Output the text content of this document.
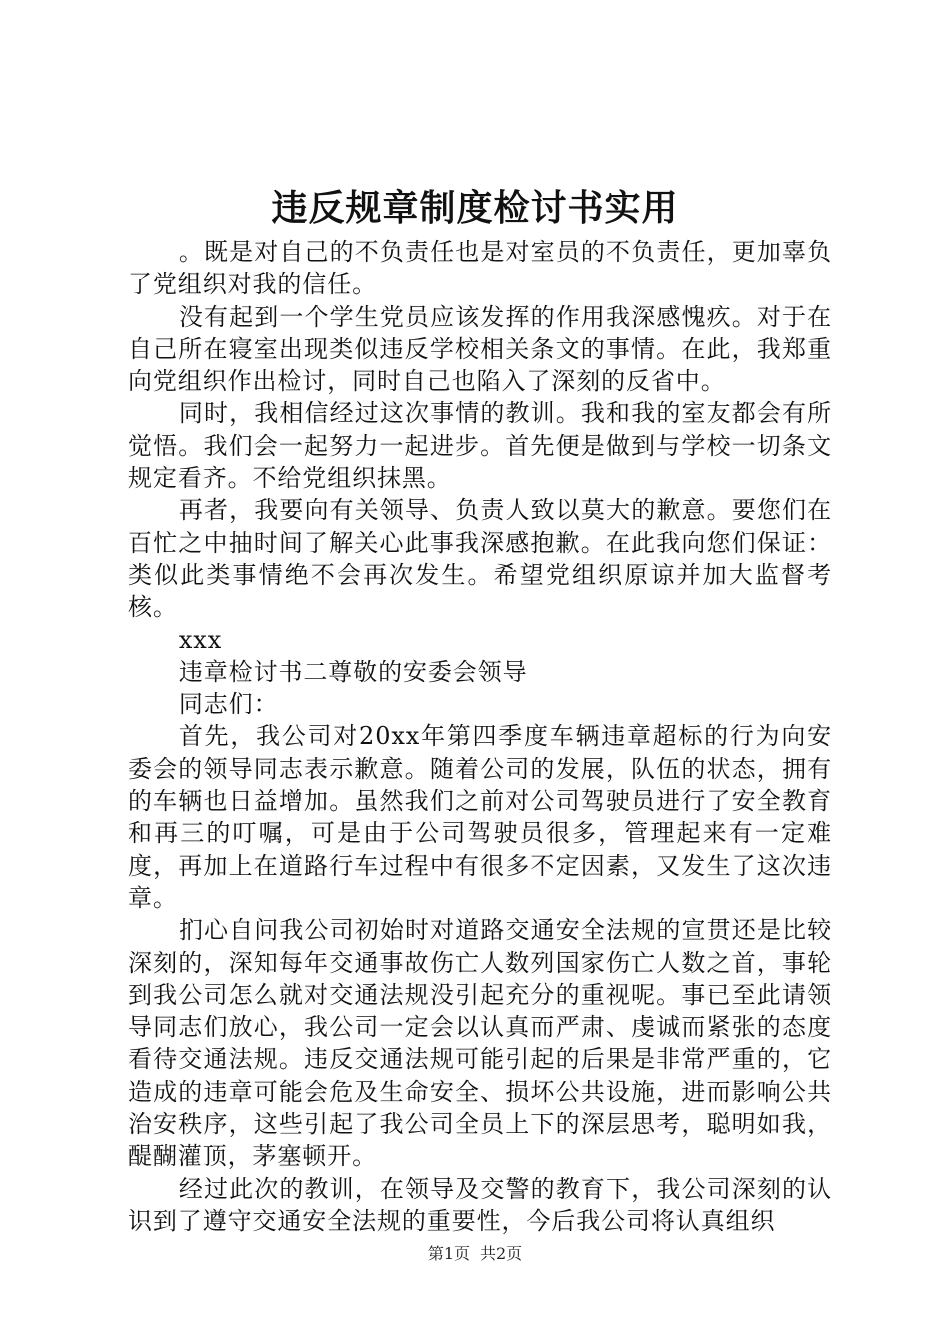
违反规章制度检讨书实用

。既是对自己的不负责任也是对室员的不负责任，更加辜负了党组织对我的信任。

没有起到一个学生党员应该发挥的作用我深感愧疚。对于在自己所在寝室出现类似违反学校相关条文的事情。在此，我郑重向党组织作出检讨，同时自己也陷入了深刻的反省中。

同时，我相信经过这次事情的教训。我和我的室友都会有所觉悟。我们会一起努力一起进步。首先便是做到与学校一切条文规定看齐。不给党组织抹黑。

再者，我要向有关领导、负责人致以莫大的歉意。要您们在百忙之中抽时间了解关心此事我深感抱歉。在此我向您们保证：类似此类事情绝不会再次发生。希望党组织原谅并加大监督考核。

xxx

违章检讨书二尊敬的安委会领导

同志们：

首先，我公司对20xx年第四季度车辆违章超标的行为向安委会的领导同志表示歉意。随着公司的发展，队伍的状态，拥有的车辆也日益增加。虽然我们之前对公司驾驶员进行了安全教育和再三的叮嘱，可是由于公司驾驶员很多，管理起来有一定难度，再加上在道路行车过程中有很多不定因素，又发生了这次违章。

扪心自问我公司初始时对道路交通安全法规的宣贯还是比较深刻的，深知每年交通事故伤亡人数列国家伤亡人数之首，事轮到我公司怎么就对交通法规没引起充分的重视呢。事已至此请领导同志们放心，我公司一定会以认真而严肃、虔诚而紧张的态度看待交通法规。违反交通法规可能引起的后果是非常严重的，它造成的违章可能会危及生命安全、损坏公共设施，进而影响公共治安秩序，这些引起了我公司全员上下的深层思考，聪明如我，醍醐灌顶，茅塞顿开。

经过此次的教训，在领导及交警的教育下，我公司深刻的认识到了遵守交通安全法规的重要性，今后我公司将认真组织

第1页 共2页
